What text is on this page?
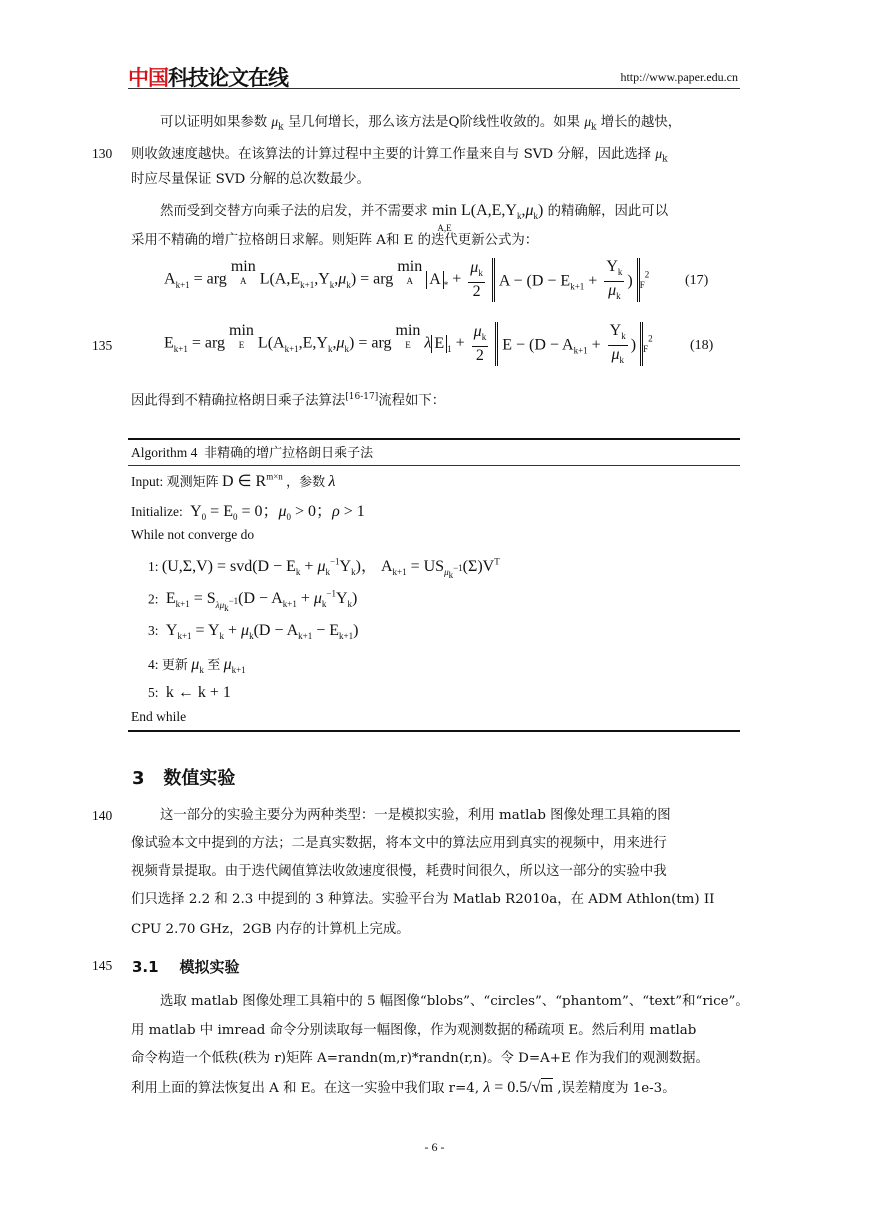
中国科技论文在线	http://www.paper.edu.cn
可以证明如果参数 $\mu_k$ 呈几何增长，那么该方法是Q阶线性收敛的。如果 $\mu_k$ 增长的越快，
130 则收敛速度越快。在该算法的计算过程中主要的计算工作量来自与 SVD 分解，因此选择 $\mu_k$
时应尽量保证 SVD 分解的总次数最少。
然而受到交替方向乘子法的启发，并不需要求 min
A,E
$L(A,E,Y_k,\mu_k)$ 的精确解，因此可以
采用不精确的增广拉格朗日求解。则矩阵 A和 E 的迭代更新公式为：
$A_{k+1}$ = arg min
A $L(A,E_{k+1},Y_k,\mu_k)$ = arg min
A	A $_* + \frac{\mu_k}{2}$ $A - (D - E_{k+1} + \frac{Y_k}{\mu_k}$ ) $_F^2$	(17)
135	$E_{k+1}$ = arg min
E $L(A_{k+1},E,Y_k,\mu_k)$ = arg min
E λ E $_1 + \frac{\mu_k}{2}$ $E - (D - A_{k+1} + \frac{Y_k}{\mu_k}$ ) $_F^2$	(18)
因此得到不精确拉格朗日乘子法算法[16-17]流程如下：
Algorithm 4 非精确的增广拉格朗日乘子法
Input: 观测矩阵 D ∈ $R^{m\times n}$ ，参数 λ
Initialize:  $Y_0 = E_0 = 0$；$\mu_0 > 0$；ρ > 1
While not converge do
1: $(U,\Sigma,V) = svd(D - E_k + \mu_k^{-1}Y_k)$， $A_{k+1} = US_{\mu_k^{-1}}(\Sigma)V^T$
2:  $E_{k+1} = S_{\lambda\mu_k^{-1}}(D - A_{k+1} + \mu_k^{-1}Y_k)$
3:  $Y_{k+1} = Y_k + \mu_k(D - A_{k+1} - E_{k+1})$
4: 更新 $\mu_k$ 至 $\mu_{k+1}$
5:  k ← k + 1
End while
3 数值实验
140	这一部分的实验主要分为两种类型：一是模拟实验，利用 matlab 图像处理工具箱的图
像试验本文中提到的方法；二是真实数据，将本文中的算法应用到真实的视频中，用来进行
视频背景提取。由于迭代阈值算法收敛速度很慢，耗费时间很久，所以这一部分的实验中我
们只选择 2.2 和 2.3 中提到的 3 种算法。实验平台为 Matlab R2010a，在 ADM Athlon(tm) II
CPU 2.70 GHz，2GB 内存的计算机上完成。
145 3.1 模拟实验
选取 matlab 图像处理工具箱中的 5 幅图像“blobs”、“circles”、“phantom”、“text”和“rice”。
用 matlab 中 imread 命令分别读取每一幅图像，作为观测数据的稀疏项 E。然后利用 matlab
命令构造一个低秩(秩为 r)矩阵 A=randn(m,r)*randn(r,n)。令 D=A+E 作为我们的观测数据。
利用上面的算法恢复出 A 和 E。在这一实验中我们取 r=4, λ = 0.5/√m ,误差精度为 1e-3。
- 6 -
